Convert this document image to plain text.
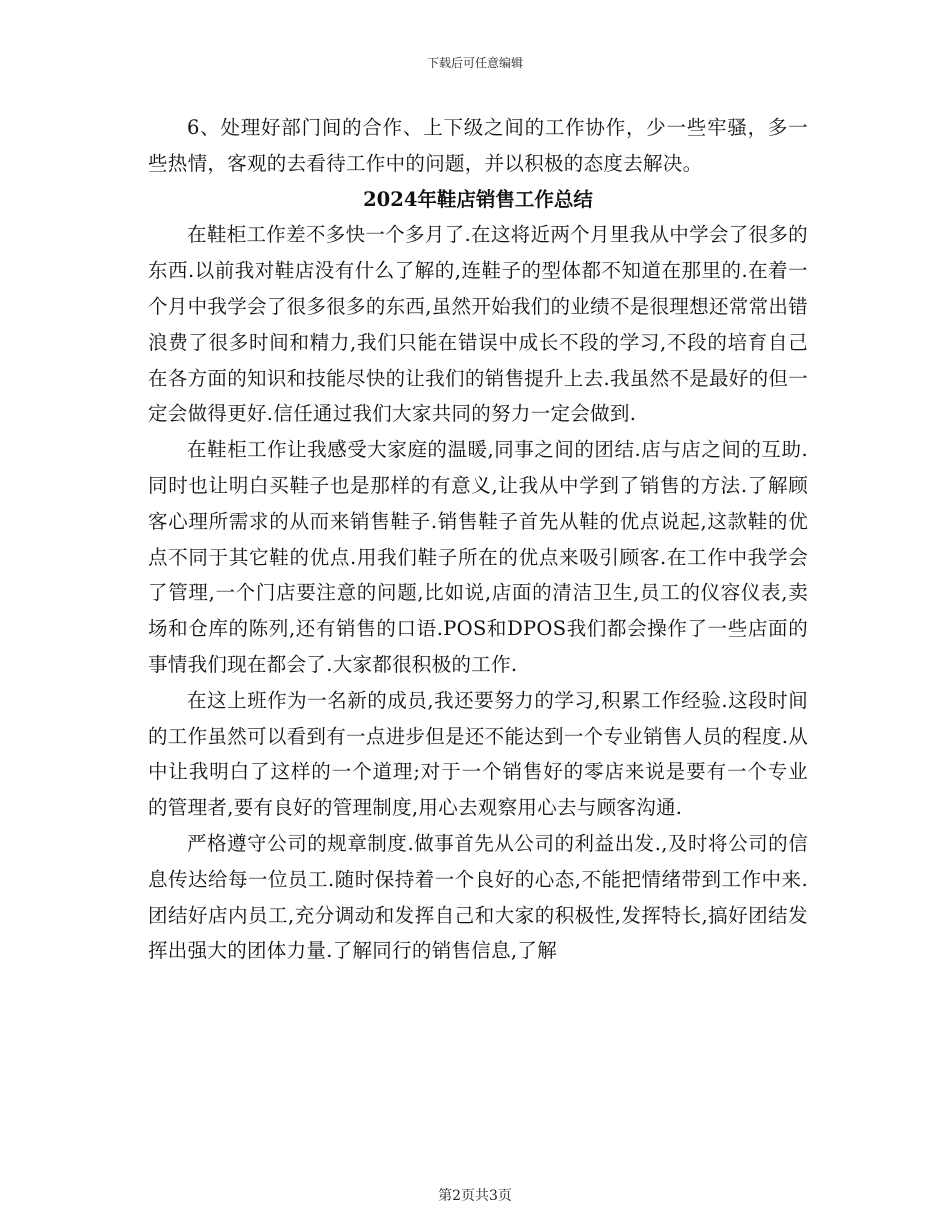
下载后可任意编辑

6、处理好部门间的合作、上下级之间的工作协作，少一些牢骚，多一些热情，客观的去看待工作中的问题，并以积极的态度去解决。

2024年鞋店销售工作总结

在鞋柜工作差不多快一个多月了.在这将近两个月里我从中学会了很多的东西.以前我对鞋店没有什么了解的,连鞋子的型体都不知道在那里的.在着一个月中我学会了很多很多的东西,虽然开始我们的业绩不是很理想还常常出错浪费了很多时间和精力,我们只能在错误中成长不段的学习,不段的培育自己在各方面的知识和技能尽快的让我们的销售提升上去.我虽然不是最好的但一定会做得更好.信任通过我们大家共同的努力一定会做到.

在鞋柜工作让我感受大家庭的温暖,同事之间的团结.店与店之间的互助.同时也让明白买鞋子也是那样的有意义,让我从中学到了销售的方法.了解顾客心理所需求的从而来销售鞋子.销售鞋子首先从鞋的优点说起,这款鞋的优点不同于其它鞋的优点.用我们鞋子所在的优点来吸引顾客.在工作中我学会了管理,一个门店要注意的问题,比如说,店面的清洁卫生,员工的仪容仪表,卖场和仓库的陈列,还有销售的口语.POS和DPOS我们都会操作了一些店面的事情我们现在都会了.大家都很积极的工作.

在这上班作为一名新的成员,我还要努力的学习,积累工作经验.这段时间的工作虽然可以看到有一点进步但是还不能达到一个专业销售人员的程度.从中让我明白了这样的一个道理;对于一个销售好的零店来说是要有一个专业的管理者,要有良好的管理制度,用心去观察用心去与顾客沟通.

严格遵守公司的规章制度.做事首先从公司的利益出发.,及时将公司的信息传达给每一位员工.随时保持着一个良好的心态,不能把情绪带到工作中来.团结好店内员工,充分调动和发挥自己和大家的积极性,发挥特长,搞好团结发挥出强大的团体力量.了解同行的销售信息,了解

第2页共3页
